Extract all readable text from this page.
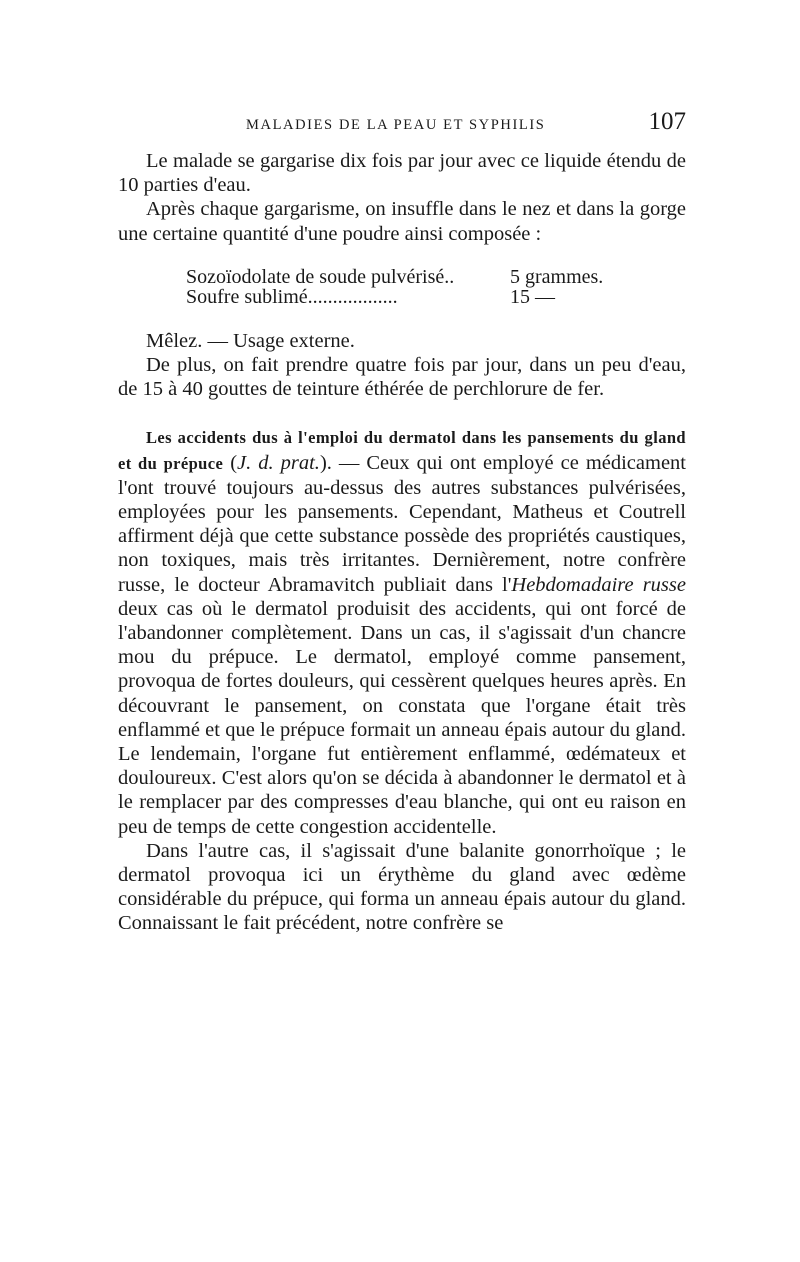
MALADIES DE LA PEAU ET SYPHILIS	107

Le malade se gargarise dix fois par jour avec ce liquide étendu de 10 parties d'eau.

Après chaque gargarisme, on insuffle dans le nez et dans la gorge une certaine quantité d'une poudre ainsi composée :

Sozoïodolate de soude pulvérisé..	5 grammes.
Soufre sublimé..................	15 —

Mêlez. — Usage externe.

De plus, on fait prendre quatre fois par jour, dans un peu d'eau, de 15 à 40 gouttes de teinture éthérée de perchlorure de fer.

Les accidents dus à l'emploi du dermatol dans les pansements du gland et du prépuce (J. d. prat.). — Ceux qui ont employé ce médicament l'ont trouvé toujours au-dessus des autres substances pulvérisées, employées pour les pansements. Cependant, Matheus et Coutrell affirment déjà que cette substance possède des propriétés caustiques, non toxiques, mais très irritantes. Dernièrement, notre confrère russe, le docteur Abramavitch publiait dans l'Hebdomadaire russe deux cas où le dermatol produisit des accidents, qui ont forcé de l'abandonner complètement. Dans un cas, il s'agissait d'un chancre mou du prépuce. Le dermatol, employé comme pansement, provoqua de fortes douleurs, qui cessèrent quelques heures après. En découvrant le pansement, on constata que l'organe était très enflammé et que le prépuce formait un anneau épais autour du gland. Le lendemain, l'organe fut entièrement enflammé, œdémateux et douloureux. C'est alors qu'on se décida à abandonner le dermatol et à le remplacer par des compresses d'eau blanche, qui ont eu raison en peu de temps de cette congestion accidentelle.

Dans l'autre cas, il s'agissait d'une balanite gonorrhoïque ; le dermatol provoqua ici un érythème du gland avec œdème considérable du prépuce, qui forma un anneau épais autour du gland. Connaissant le fait précédent, notre confrère se
